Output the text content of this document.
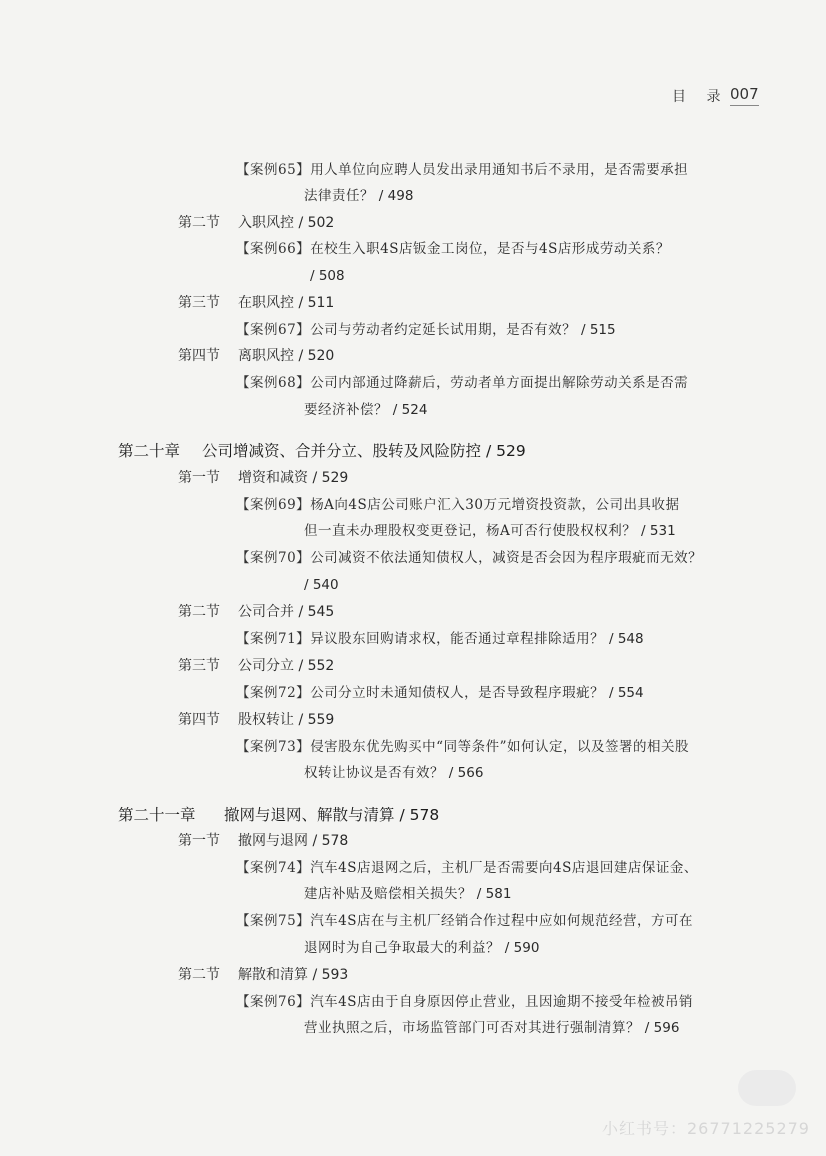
目 录 007
【案例65】用人单位向应聘人员发出录用通知书后不录用，是否需要承担
法律责任？ / 498
第二节 入职风控 / 502
【案例66】在校生入职4S店钣金工岗位，是否与4S店形成劳动关系？
/ 508
第三节 在职风控 / 511
【案例67】公司与劳动者约定延长试用期，是否有效？ / 515
第四节 离职风控 / 520
【案例68】公司内部通过降薪后，劳动者单方面提出解除劳动关系是否需
要经济补偿？ / 524
第二十章 公司增减资、合并分立、股转及风险防控 / 529
第一节 增资和减资 / 529
【案例69】杨A向4S店公司账户汇入30万元增资投资款，公司出具收据
但一直未办理股权变更登记，杨A可否行使股权权利？ / 531
【案例70】公司减资不依法通知债权人，减资是否会因为程序瑕疵而无效？
/ 540
第二节 公司合并 / 545
【案例71】异议股东回购请求权，能否通过章程排除适用？ / 548
第三节 公司分立 / 552
【案例72】公司分立时未通知债权人，是否导致程序瑕疵？ / 554
第四节 股权转让 / 559
【案例73】侵害股东优先购买中“同等条件”如何认定，以及签署的相关股
权转让协议是否有效？ / 566
第二十一章 撤网与退网、解散与清算 / 578
第一节 撤网与退网 / 578
【案例74】汽车4S店退网之后，主机厂是否需要向4S店退回建店保证金、
建店补贴及赔偿相关损失？ / 581
【案例75】汽车4S店在与主机厂经销合作过程中应如何规范经营，方可在
退网时为自己争取最大的利益？ / 590
第二节 解散和清算 / 593
【案例76】汽车4S店由于自身原因停止营业，且因逾期不接受年检被吊销
营业执照之后，市场监管部门可否对其进行强制清算？ / 596
小红书号：26771225279
